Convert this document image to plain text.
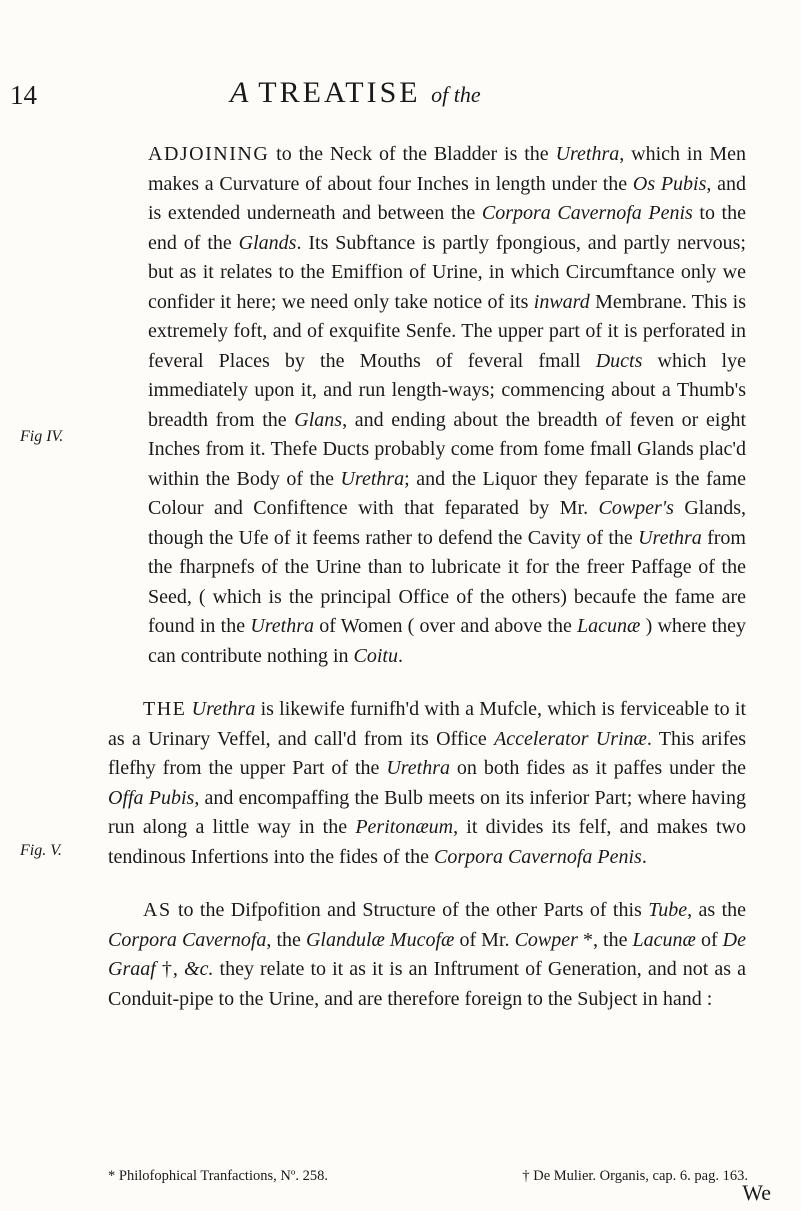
14	A TREATISE of the
Fig IV.
Fig. V.

ADJOINING to the Neck of the Bladder is the Urethra, which in Men makes a Curvature of about four Inches in length under the Os Pubis, and is extended underneath and between the Corpora Cavernofa Penis to the end of the Glands. Its Subftance is partly fpongious, and partly nervous; but as it relates to the Emiffion of Urine, in which Circumftance only we confider it here; we need only take notice of its inward Membrane. This is extremely foft, and of exquifite Senfe. The upper part of it is perforated in feveral Places by the Mouths of feveral fmall Ducts which lye immediately upon it, and run length-ways; commencing about a Thumb's breadth from the Glans, and ending about the breadth of feven or eight Inches from it. Thefe Ducts probably come from fome fmall Glands plac'd within the Body of the Urethra; and the Liquor they feparate is the fame Colour and Confiftence with that feparated by Mr. Cowper's Glands, though the Ufe of it feems rather to defend the Cavity of the Urethra from the fharpnefs of the Urine than to lubricate it for the freer Paffage of the Seed, ( which is the principal Office of the others) becaufe the fame are found in the Urethra of Women ( over and above the Lacunæ ) where they can contribute nothing in Coitu.

THE Urethra is likewife furnifh'd with a Mufcle, which is ferviceable to it as a Urinary Veffel, and call'd from its Office Accelerator Urinæ. This arifes flefhy from the upper Part of the Urethra on both fides as it paffes under the Offa Pubis, and encompaffing the Bulb meets on its inferior Part; where having run along a little way in the Peritonæum, it divides its felf, and makes two tendinous Infertions into the fides of the Corpora Cavernofa Penis.

AS to the Difpofition and Structure of the other Parts of this Tube, as the Corpora Cavernofa, the Glandulæ Mucofæ of Mr. Cowper *, the Lacunæ of De Graaf †, &c. they relate to it as it is an Inftrument of Generation, and not as a Conduit-pipe to the Urine, and are therefore foreign to the Subject in hand :

* Philofophical Tranfactions, Nº. 258.	† De Mulier. Organis, cap. 6. pag. 163.
We
